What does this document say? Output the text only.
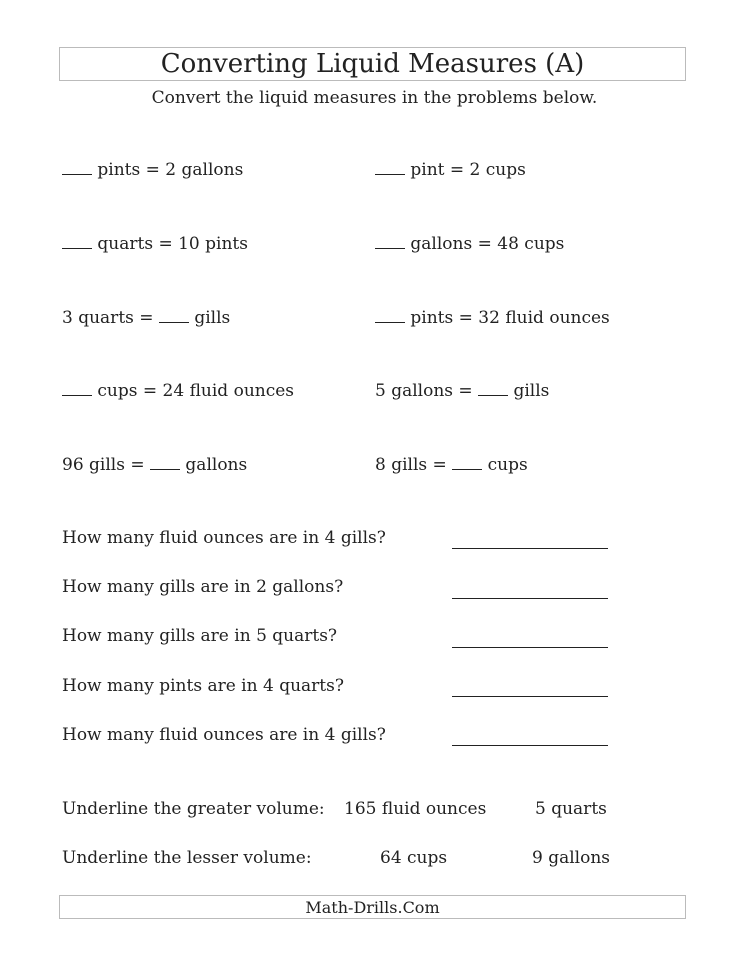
Converting Liquid Measures (A)
Convert the liquid measures in the problems below.
pints = 2 gallons
quarts = 10 pints
3 quarts = gills
cups = 24 fluid ounces
96 gills = gallons
pint = 2 cups
gallons = 48 cups
pints = 32 fluid ounces
5 gallons = gills
8 gills = cups
How many fluid ounces are in 4 gills?
How many gills are in 2 gallons?
How many gills are in 5 quarts?
How many pints are in 4 quarts?
How many fluid ounces are in 4 gills?
Underline the greater volume: 165 fluid ounces	5 quarts
Underline the lesser volume:	64 cups	9 gallons
Math-Drills.Com
